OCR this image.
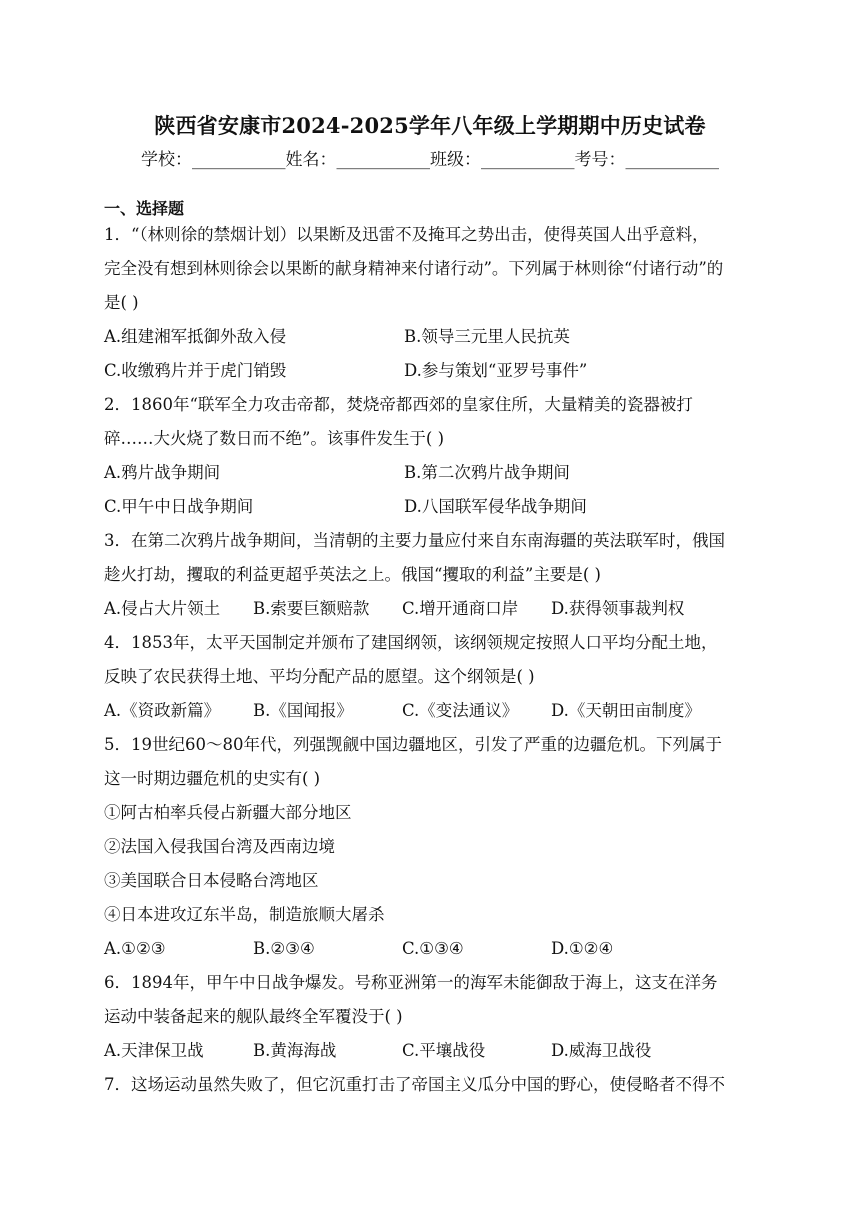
陕西省安康市2024-2025学年八年级上学期期中历史试卷
学校：___________姓名：___________班级：___________考号：___________
一、选择题
1．“（林则徐的禁烟计划）以果断及迅雷不及掩耳之势出击，使得英国人出乎意料，
完全没有想到林则徐会以果断的献身精神来付诸行动”。下列属于林则徐“付诸行动”的
是( )
A.组建湘军抵御外敌入侵	B.领导三元里人民抗英
C.收缴鸦片并于虎门销毁	D.参与策划“亚罗号事件”
2．1860年“联军全力攻击帝都，焚烧帝都西郊的皇家住所，大量精美的瓷器被打
碎……大火烧了数日而不绝”。该事件发生于( )
A.鸦片战争期间	B.第二次鸦片战争期间
C.甲午中日战争期间	D.八国联军侵华战争期间
3．在第二次鸦片战争期间，当清朝的主要力量应付来自东南海疆的英法联军时，俄国
趁火打劫，攫取的利益更超乎英法之上。俄国“攫取的利益”主要是( )
A.侵占大片领土	B.索要巨额赔款	C.增开通商口岸	D.获得领事裁判权
4．1853年，太平天国制定并颁布了建国纲领，该纲领规定按照人口平均分配土地，
反映了农民获得土地、平均分配产品的愿望。这个纲领是( )
A.《资政新篇》	B.《国闻报》	C.《变法通议》	D.《天朝田亩制度》
5．19世纪60～80年代，列强觊觎中国边疆地区，引发了严重的边疆危机。下列属于
这一时期边疆危机的史实有( )
①阿古柏率兵侵占新疆大部分地区
②法国入侵我国台湾及西南边境
③美国联合日本侵略台湾地区
④日本进攻辽东半岛，制造旅顺大屠杀
A.①②③	B.②③④	C.①③④	D.①②④
6．1894年，甲午中日战争爆发。号称亚洲第一的海军未能御敌于海上，这支在洋务
运动中装备起来的舰队最终全军覆没于( )
A.天津保卫战	B.黄海海战	C.平壤战役	D.威海卫战役
7．这场运动虽然失败了，但它沉重打击了帝国主义瓜分中国的野心，使侵略者不得不
